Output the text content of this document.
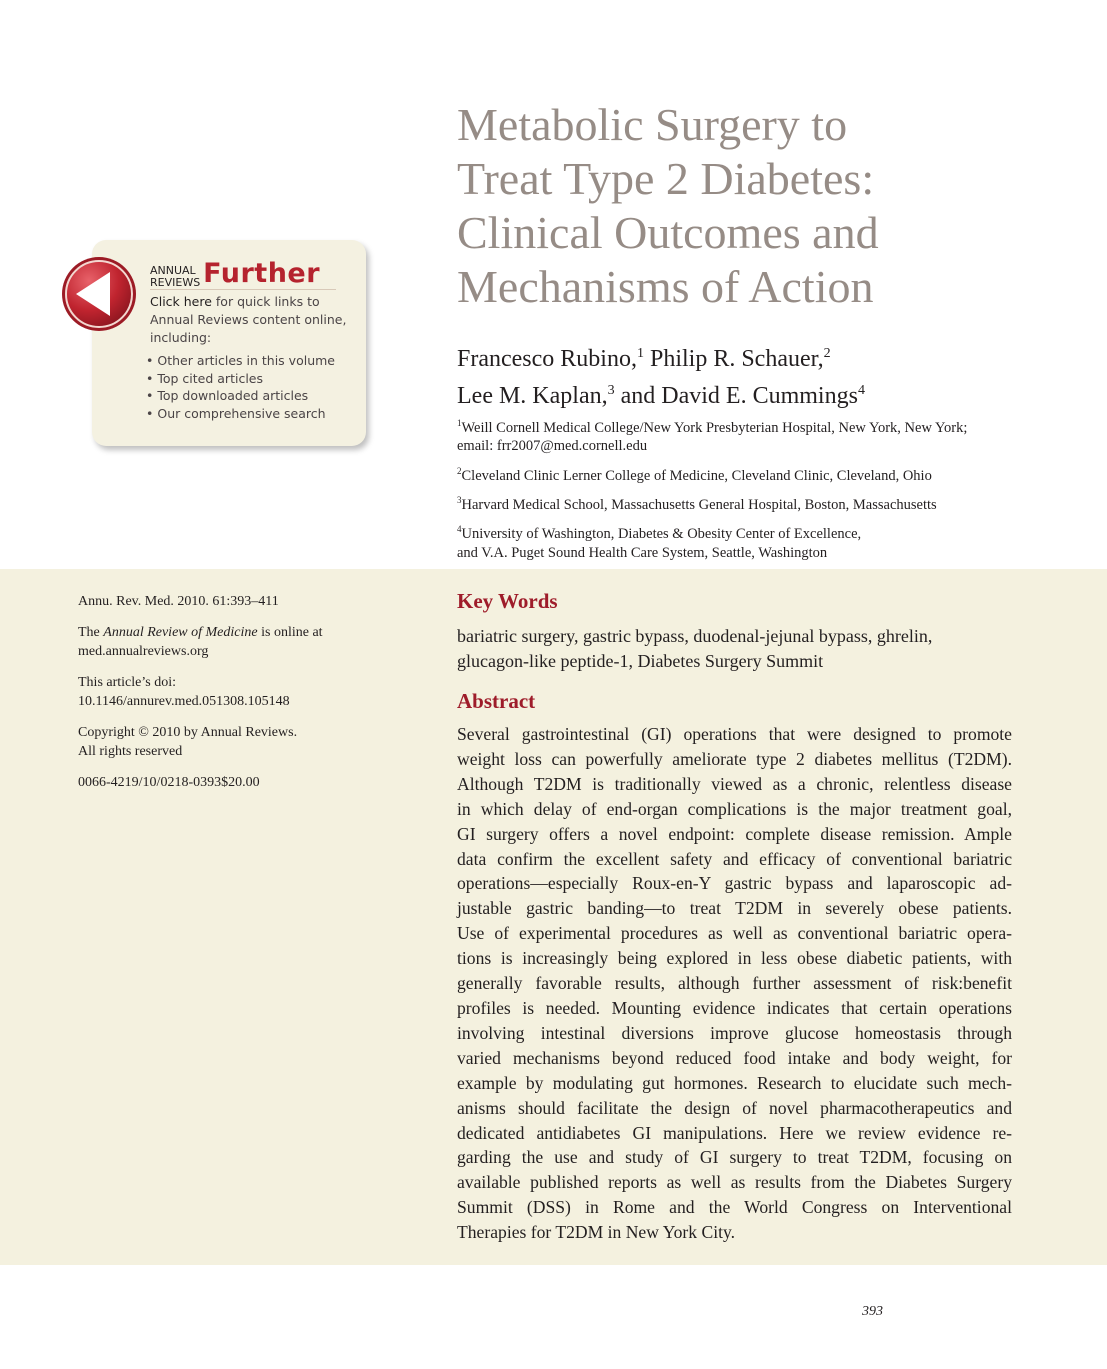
Metabolic Surgery to
Treat Type 2 Diabetes:
Clinical Outcomes and
Mechanisms of Action
Francesco Rubino,$^1$ Philip R. Schauer,$^2$
Lee M. Kaplan,$^3$ and David E. Cummings$^4$
$^1$Weill Cornell Medical College/New York Presbyterian Hospital, New York, New York;
email: frr2007@med.cornell.edu
$^2$Cleveland Clinic Lerner College of Medicine, Cleveland Clinic, Cleveland, Ohio
$^3$Harvard Medical School, Massachusetts General Hospital, Boston, Massachusetts
$^4$University of Washington, Diabetes & Obesity Center of Excellence,
and V.A. Puget Sound Health Care System, Seattle, Washington
ANNUAL
REVIEWS Further
Click here for quick links to Annual Reviews content online, including:
• Other articles in this volume
• Top cited articles
• Top downloaded articles
• Our comprehensive search

Annu. Rev. Med. 2010. 61:393–411

The Annual Review of Medicine is online at
med.annualreviews.org

This article’s doi:
10.1146/annurev.med.051308.105148

Copyright © 2010 by Annual Reviews.
All rights reserved

0066-4219/10/0218-0393$20.00

Key Words
bariatric surgery, gastric bypass, duodenal-jejunal bypass, ghrelin,
glucagon-like peptide-1, Diabetes Surgery Summit
Abstract
Several gastrointestinal (GI) operations that were designed to promote
weight loss can powerfully ameliorate type 2 diabetes mellitus (T2DM).
Although T2DM is traditionally viewed as a chronic, relentless disease
in which delay of end-organ complications is the major treatment goal,
GI surgery offers a novel endpoint: complete disease remission. Ample
data confirm the excellent safety and efficacy of conventional bariatric
operations—especially Roux-en-Y gastric bypass and laparoscopic ad-
justable gastric banding—to treat T2DM in severely obese patients.
Use of experimental procedures as well as conventional bariatric opera-
tions is increasingly being explored in less obese diabetic patients, with
generally favorable results, although further assessment of risk:benefit
profiles is needed. Mounting evidence indicates that certain operations
involving intestinal diversions improve glucose homeostasis through
varied mechanisms beyond reduced food intake and body weight, for
example by modulating gut hormones. Research to elucidate such mech-
anisms should facilitate the design of novel pharmacotherapeutics and
dedicated antidiabetes GI manipulations. Here we review evidence re-
garding the use and study of GI surgery to treat T2DM, focusing on
available published reports as well as results from the Diabetes Surgery
Summit (DSS) in Rome and the World Congress on Interventional
Therapies for T2DM in New York City.
393
